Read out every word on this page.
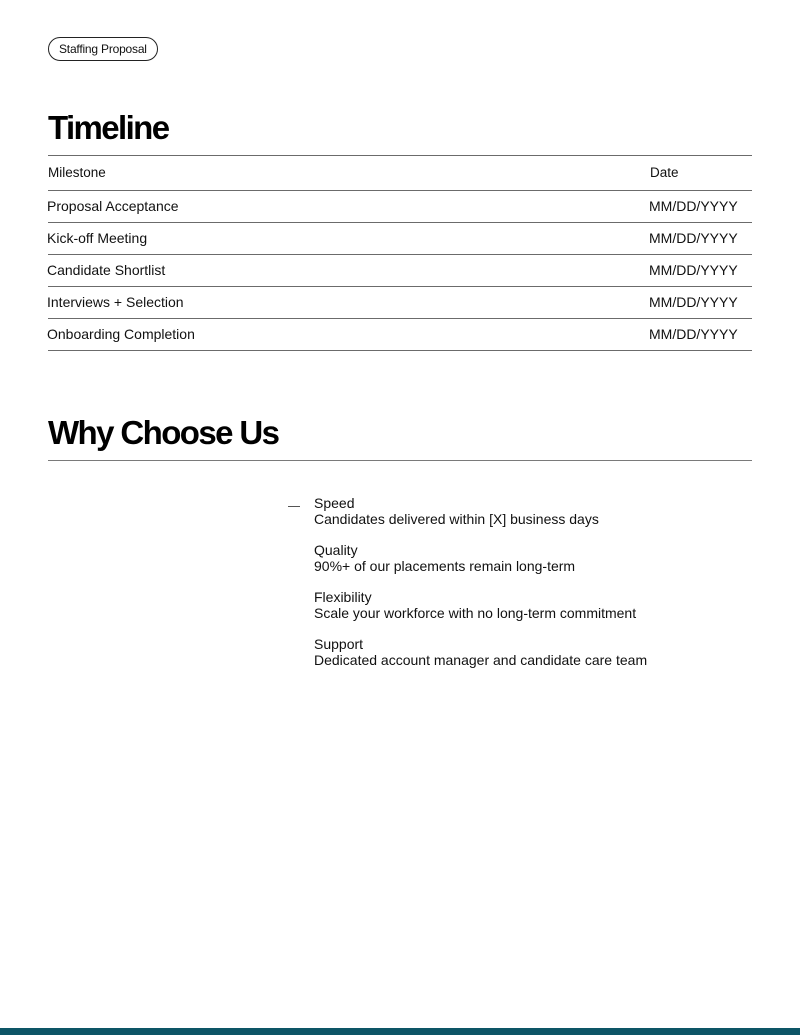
Staffing Proposal
Timeline
Milestone	Date
Proposal Acceptance	MM/DD/YYYY
Kick-off Meeting	MM/DD/YYYY
Candidate Shortlist	MM/DD/YYYY
Interviews + Selection	MM/DD/YYYY
Onboarding Completion	MM/DD/YYYY
Why Choose Us
Speed
Candidates delivered within [X] business days
Quality
90%+ of our placements remain long-term
Flexibility
Scale your workforce with no long-term commitment
Support
Dedicated account manager and candidate care team
